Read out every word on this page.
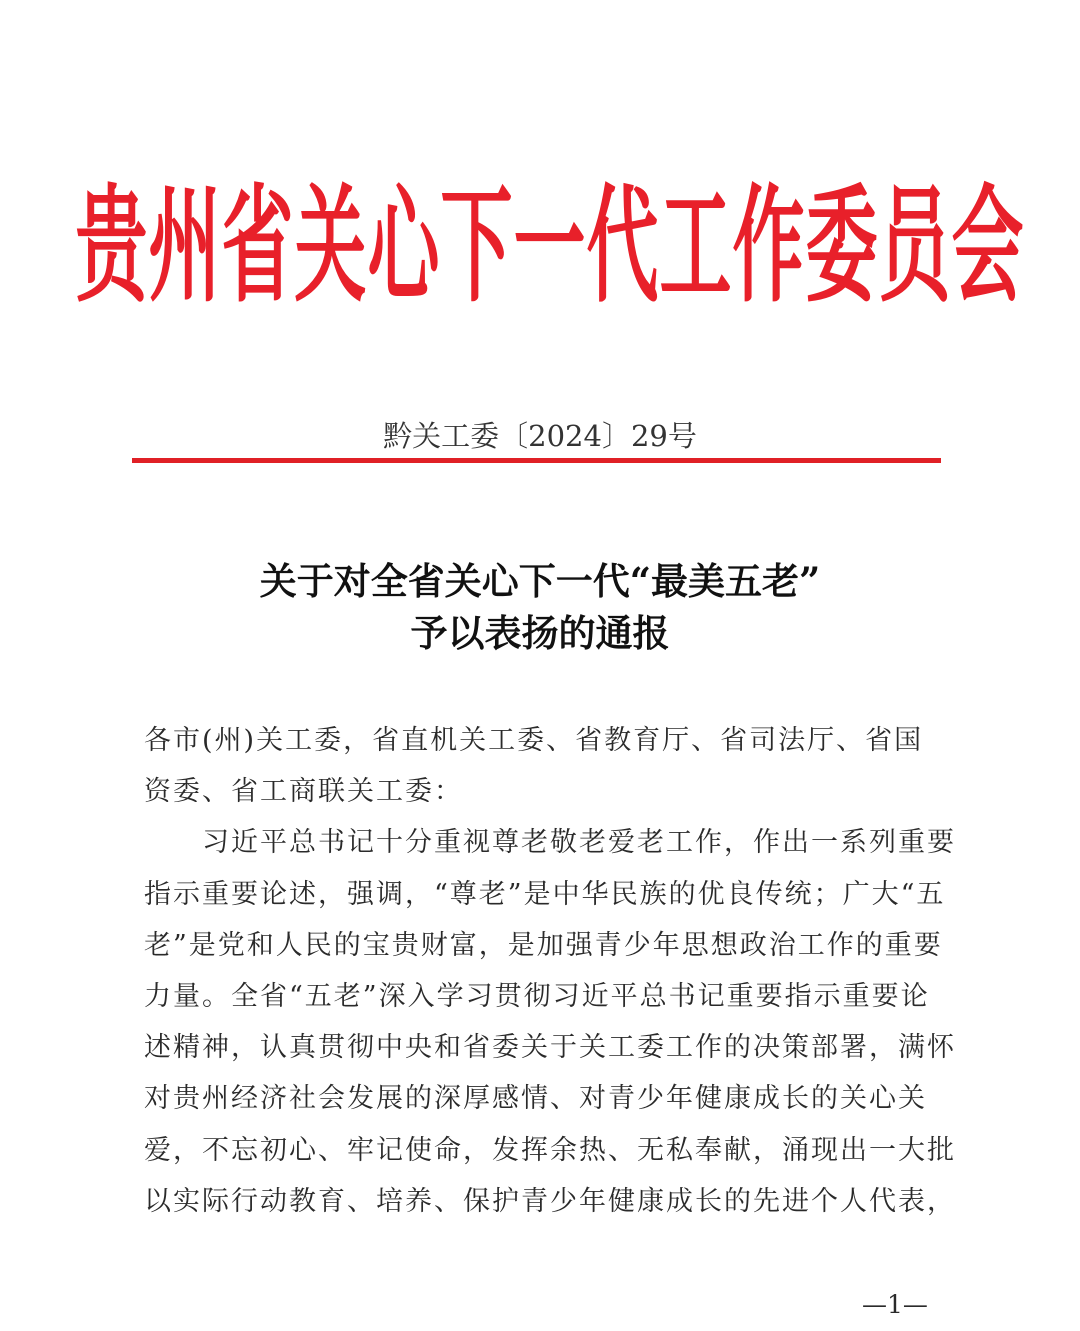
贵州省关心下一代工作委员会
黔关工委〔2024〕29号
关于对全省关心下一代“最美五老”
予以表扬的通报
各市(州)关工委，省直机关工委、省教育厅、省司法厅、省国
资委、省工商联关工委：
　　习近平总书记十分重视尊老敬老爱老工作，作出一系列重要
指示重要论述，强调，“尊老”是中华民族的优良传统；广大“五
老”是党和人民的宝贵财富，是加强青少年思想政治工作的重要
力量。全省“五老”深入学习贯彻习近平总书记重要指示重要论
述精神，认真贯彻中央和省委关于关工委工作的决策部署，满怀
对贵州经济社会发展的深厚感情、对青少年健康成长的关心关
爱，不忘初心、牢记使命，发挥余热、无私奉献，涌现出一大批
以实际行动教育、培养、保护青少年健康成长的先进个人代表，
—1—
